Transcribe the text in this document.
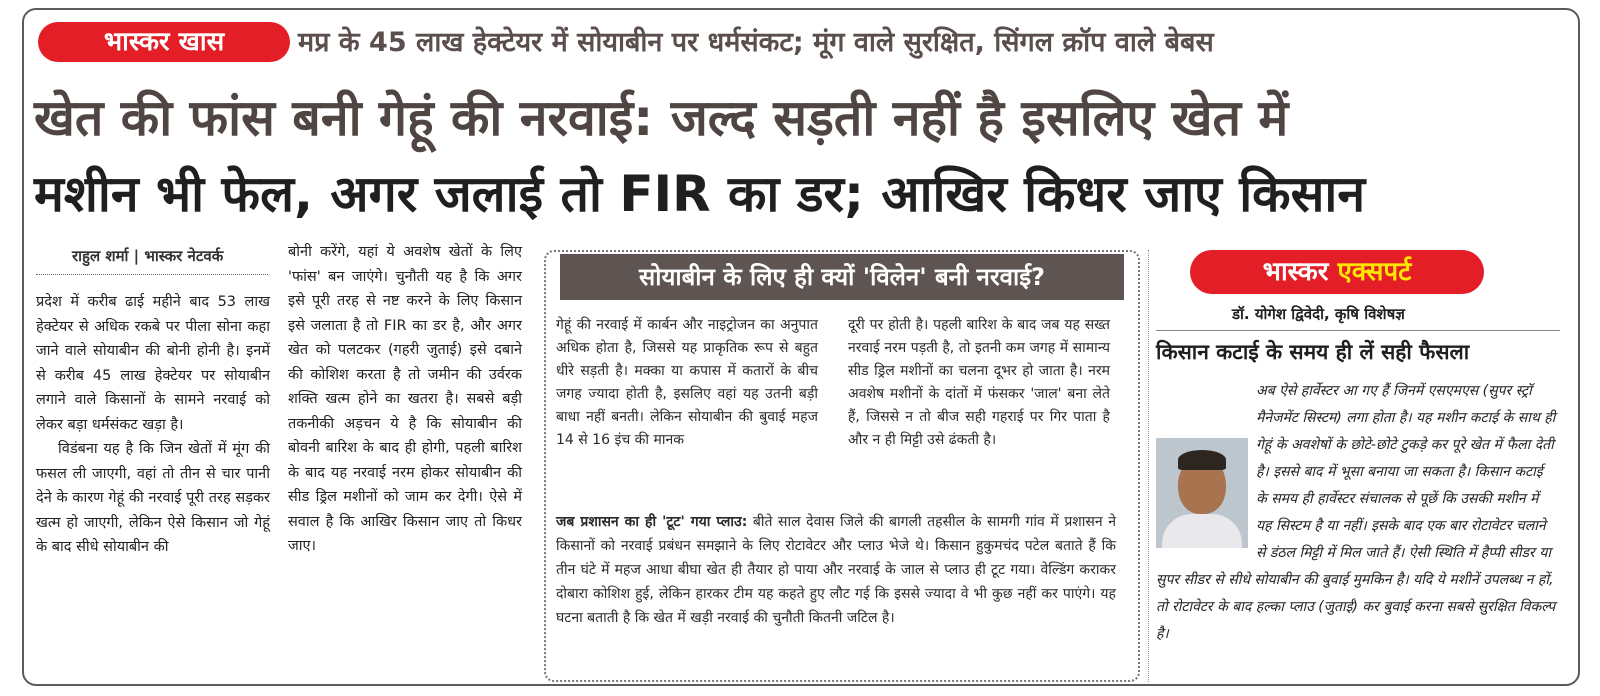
भास्कर खास	मप्र के 45 लाख हेक्टेयर में सोयाबीन पर धर्मसंकट; मूंग वाले सुरक्षित, सिंगल क्रॉप वाले बेबस
खेत की फांस बनी गेहूं की नरवाई: जल्द सड़ती नहीं है इसलिए खेत में
मशीन भी फेल, अगर जलाई तो FIR का डर; आखिर किधर जाए किसान
राहुल शर्मा | भास्कर नेटवर्क

प्रदेश में करीब ढाई महीने बाद 53 लाख हेक्टेयर से अधिक रकबे पर पीला सोना कहा जाने वाले सोयाबीन की बोनी होनी है। इनमें से करीब 45 लाख हेक्टेयर पर सोयाबीन लगाने वाले किसानों के सामने नरवाई को लेकर बड़ा धर्मसंकट खड़ा है।

विडंबना यह है कि जिन खेतों में मूंग की फसल ली जाएगी, वहां तो तीन से चार पानी देने के कारण गेहूं की नरवाई पूरी तरह सड़कर खत्म हो जाएगी, लेकिन ऐसे किसान जो गेहूं के बाद सीधे सोयाबीन की

बोनी करेंगे, यहां ये अवशेष खेतों के लिए 'फांस' बन जाएंगे। चुनौती यह है कि अगर इसे पूरी तरह से नष्ट करने के लिए किसान इसे जलाता है तो FIR का डर है, और अगर खेत को पलटकर (गहरी जुताई) इसे दबाने की कोशिश करता है तो जमीन की उर्वरक शक्ति खत्म होने का खतरा है। सबसे बड़ी तकनीकी अड़चन ये है कि सोयाबीन की बोवनी बारिश के बाद ही होगी, पहली बारिश के बाद यह नरवाई नरम होकर सोयाबीन की सीड ड्रिल मशीनों को जाम कर देगी। ऐसे में सवाल है कि आखिर किसान जाए तो किधर जाए।

सोयाबीन के लिए ही क्यों 'विलेन' बनी नरवाई?
गेहूं की नरवाई में कार्बन और नाइट्रोजन का अनुपात अधिक होता है, जिससे यह प्राकृतिक रूप से बहुत धीरे सड़ती है। मक्का या कपास में कतारों के बीच जगह ज्यादा होती है, इसलिए वहां यह उतनी बड़ी बाधा नहीं बनती। लेकिन सोयाबीन की बुवाई महज 14 से 16 इंच की मानक
दूरी पर होती है। पहली बारिश के बाद जब यह सख्त नरवाई नरम पड़ती है, तो इतनी कम जगह में सामान्य सीड ड्रिल मशीनों का चलना दूभर हो जाता है। नरम अवशेष मशीनों के दांतों में फंसकर 'जाल' बना लेते हैं, जिससे न तो बीज सही गहराई पर गिर पाता है और न ही मिट्टी उसे ढंकती है।
जब प्रशासन का ही 'टूट' गया प्लाउ: बीते साल देवास जिले की बागली तहसील के सामगी गांव में प्रशासन ने किसानों को नरवाई प्रबंधन समझाने के लिए रोटावेटर और प्लाउ भेजे थे। किसान हुकुमचंद पटेल बताते हैं कि तीन घंटे में महज आधा बीघा खेत ही तैयार हो पाया और नरवाई के जाल से प्लाउ ही टूट गया। वेल्डिंग कराकर दोबारा कोशिश हुई, लेकिन हारकर टीम यह कहते हुए लौट गई कि इससे ज्यादा वे भी कुछ नहीं कर पाएंगे। यह घटना बताती है कि खेत में खड़ी नरवाई की चुनौती कितनी जटिल है।
भास्कर एक्सपर्ट
डॉ. योगेश द्विवेदी, कृषि विशेषज्ञ
किसान कटाई के समय ही लें सही फैसला
अब ऐसे हार्वेस्टर आ गए हैं जिनमें एसएमएस (सुपर स्ट्रॉ मैनेजमेंट सिस्टम) लगा होता है। यह मशीन कटाई के साथ ही गेहूं के अवशेषों के छोटे-छोटे टुकड़े कर पूरे खेत में फैला देती है। इससे बाद में भूसा बनाया जा सकता है। किसान कटाई के समय ही हार्वेस्टर संचालक से पूछें कि उसकी मशीन में यह सिस्टम है या नहीं। इसके बाद एक बार रोटावेटर चलाने से डंठल मिट्टी में मिल जाते हैं। ऐसी स्थिति में हैप्पी सीडर या सुपर सीडर से सीधे सोयाबीन की बुवाई मुमकिन है। यदि ये मशीनें उपलब्ध न हों, तो रोटावेटर के बाद हल्का प्लाउ (जुताई) कर बुवाई करना सबसे सुरक्षित विकल्प है।
